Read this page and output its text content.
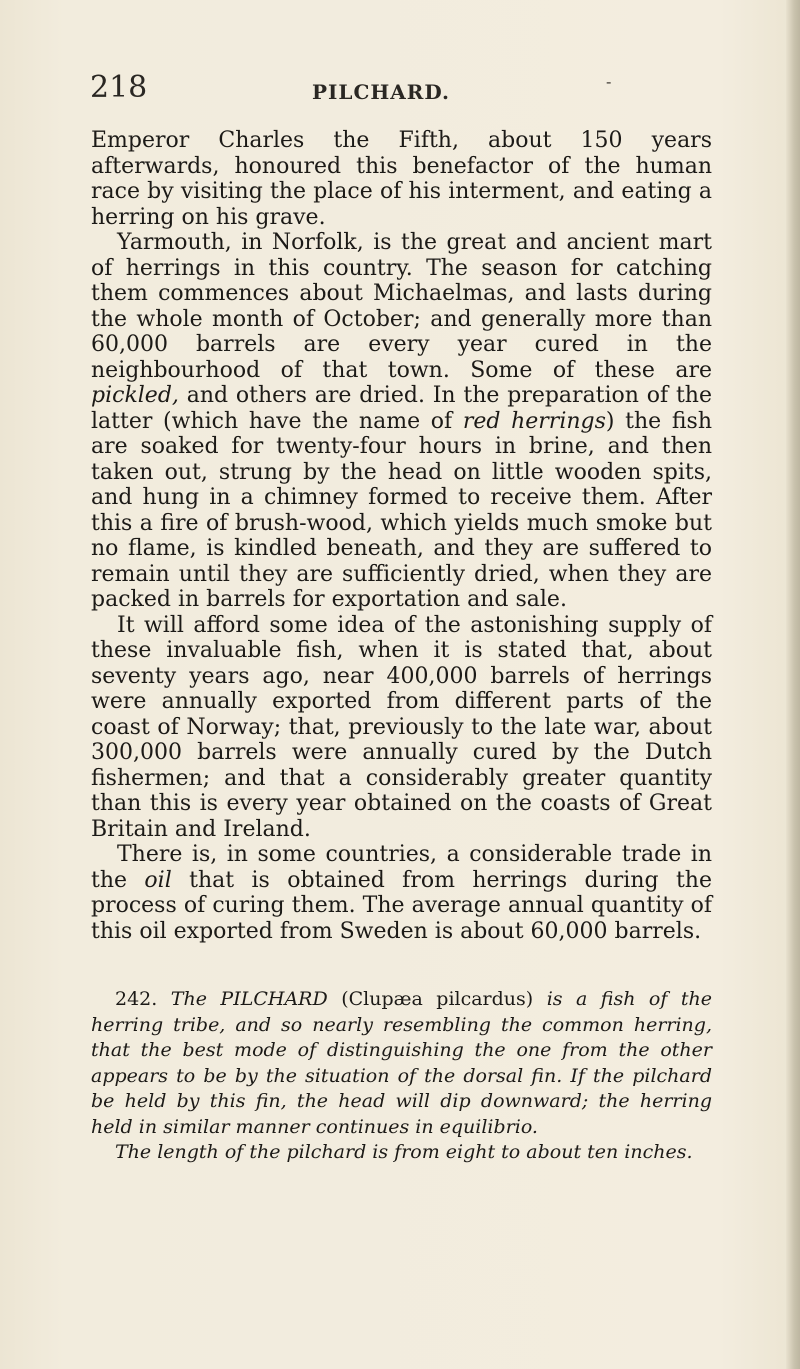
218	PILCHARD.	-

Emperor Charles the Fifth, about 150 years afterwards, honoured this benefactor of the human race by visiting the place of his interment, and eating a herring on his grave.

Yarmouth, in Norfolk, is the great and ancient mart of herrings in this country. The season for catching them commences about Michaelmas, and lasts during the whole month of October; and generally more than 60,000 barrels are every year cured in the neighbourhood of that town. Some of these are pickled, and others are dried. In the preparation of the latter (which have the name of red herrings) the fish are soaked for twenty-four hours in brine, and then taken out, strung by the head on little wooden spits, and hung in a chimney formed to receive them. After this a fire of brush-wood, which yields much smoke but no flame, is kindled beneath, and they are suffered to remain until they are sufficiently dried, when they are packed in barrels for exportation and sale.

It will afford some idea of the astonishing supply of these invaluable fish, when it is stated that, about seventy years ago, near 400,000 barrels of herrings were annually exported from different parts of the coast of Norway; that, previously to the late war, about 300,000 barrels were annually cured by the Dutch fishermen; and that a considerably greater quantity than this is every year obtained on the coasts of Great Britain and Ireland.

There is, in some countries, a considerable trade in the oil that is obtained from herrings during the process of curing them. The average annual quantity of this oil exported from Sweden is about 60,000 barrels.

242. The PILCHARD (Clupæa pilcardus) is a fish of the herring tribe, and so nearly resembling the common herring, that the best mode of distinguishing the one from the other appears to be by the situation of the dorsal fin. If the pilchard be held by this fin, the head will dip downward; the herring held in similar manner continues in equilibrio.

The length of the pilchard is from eight to about ten inches.
